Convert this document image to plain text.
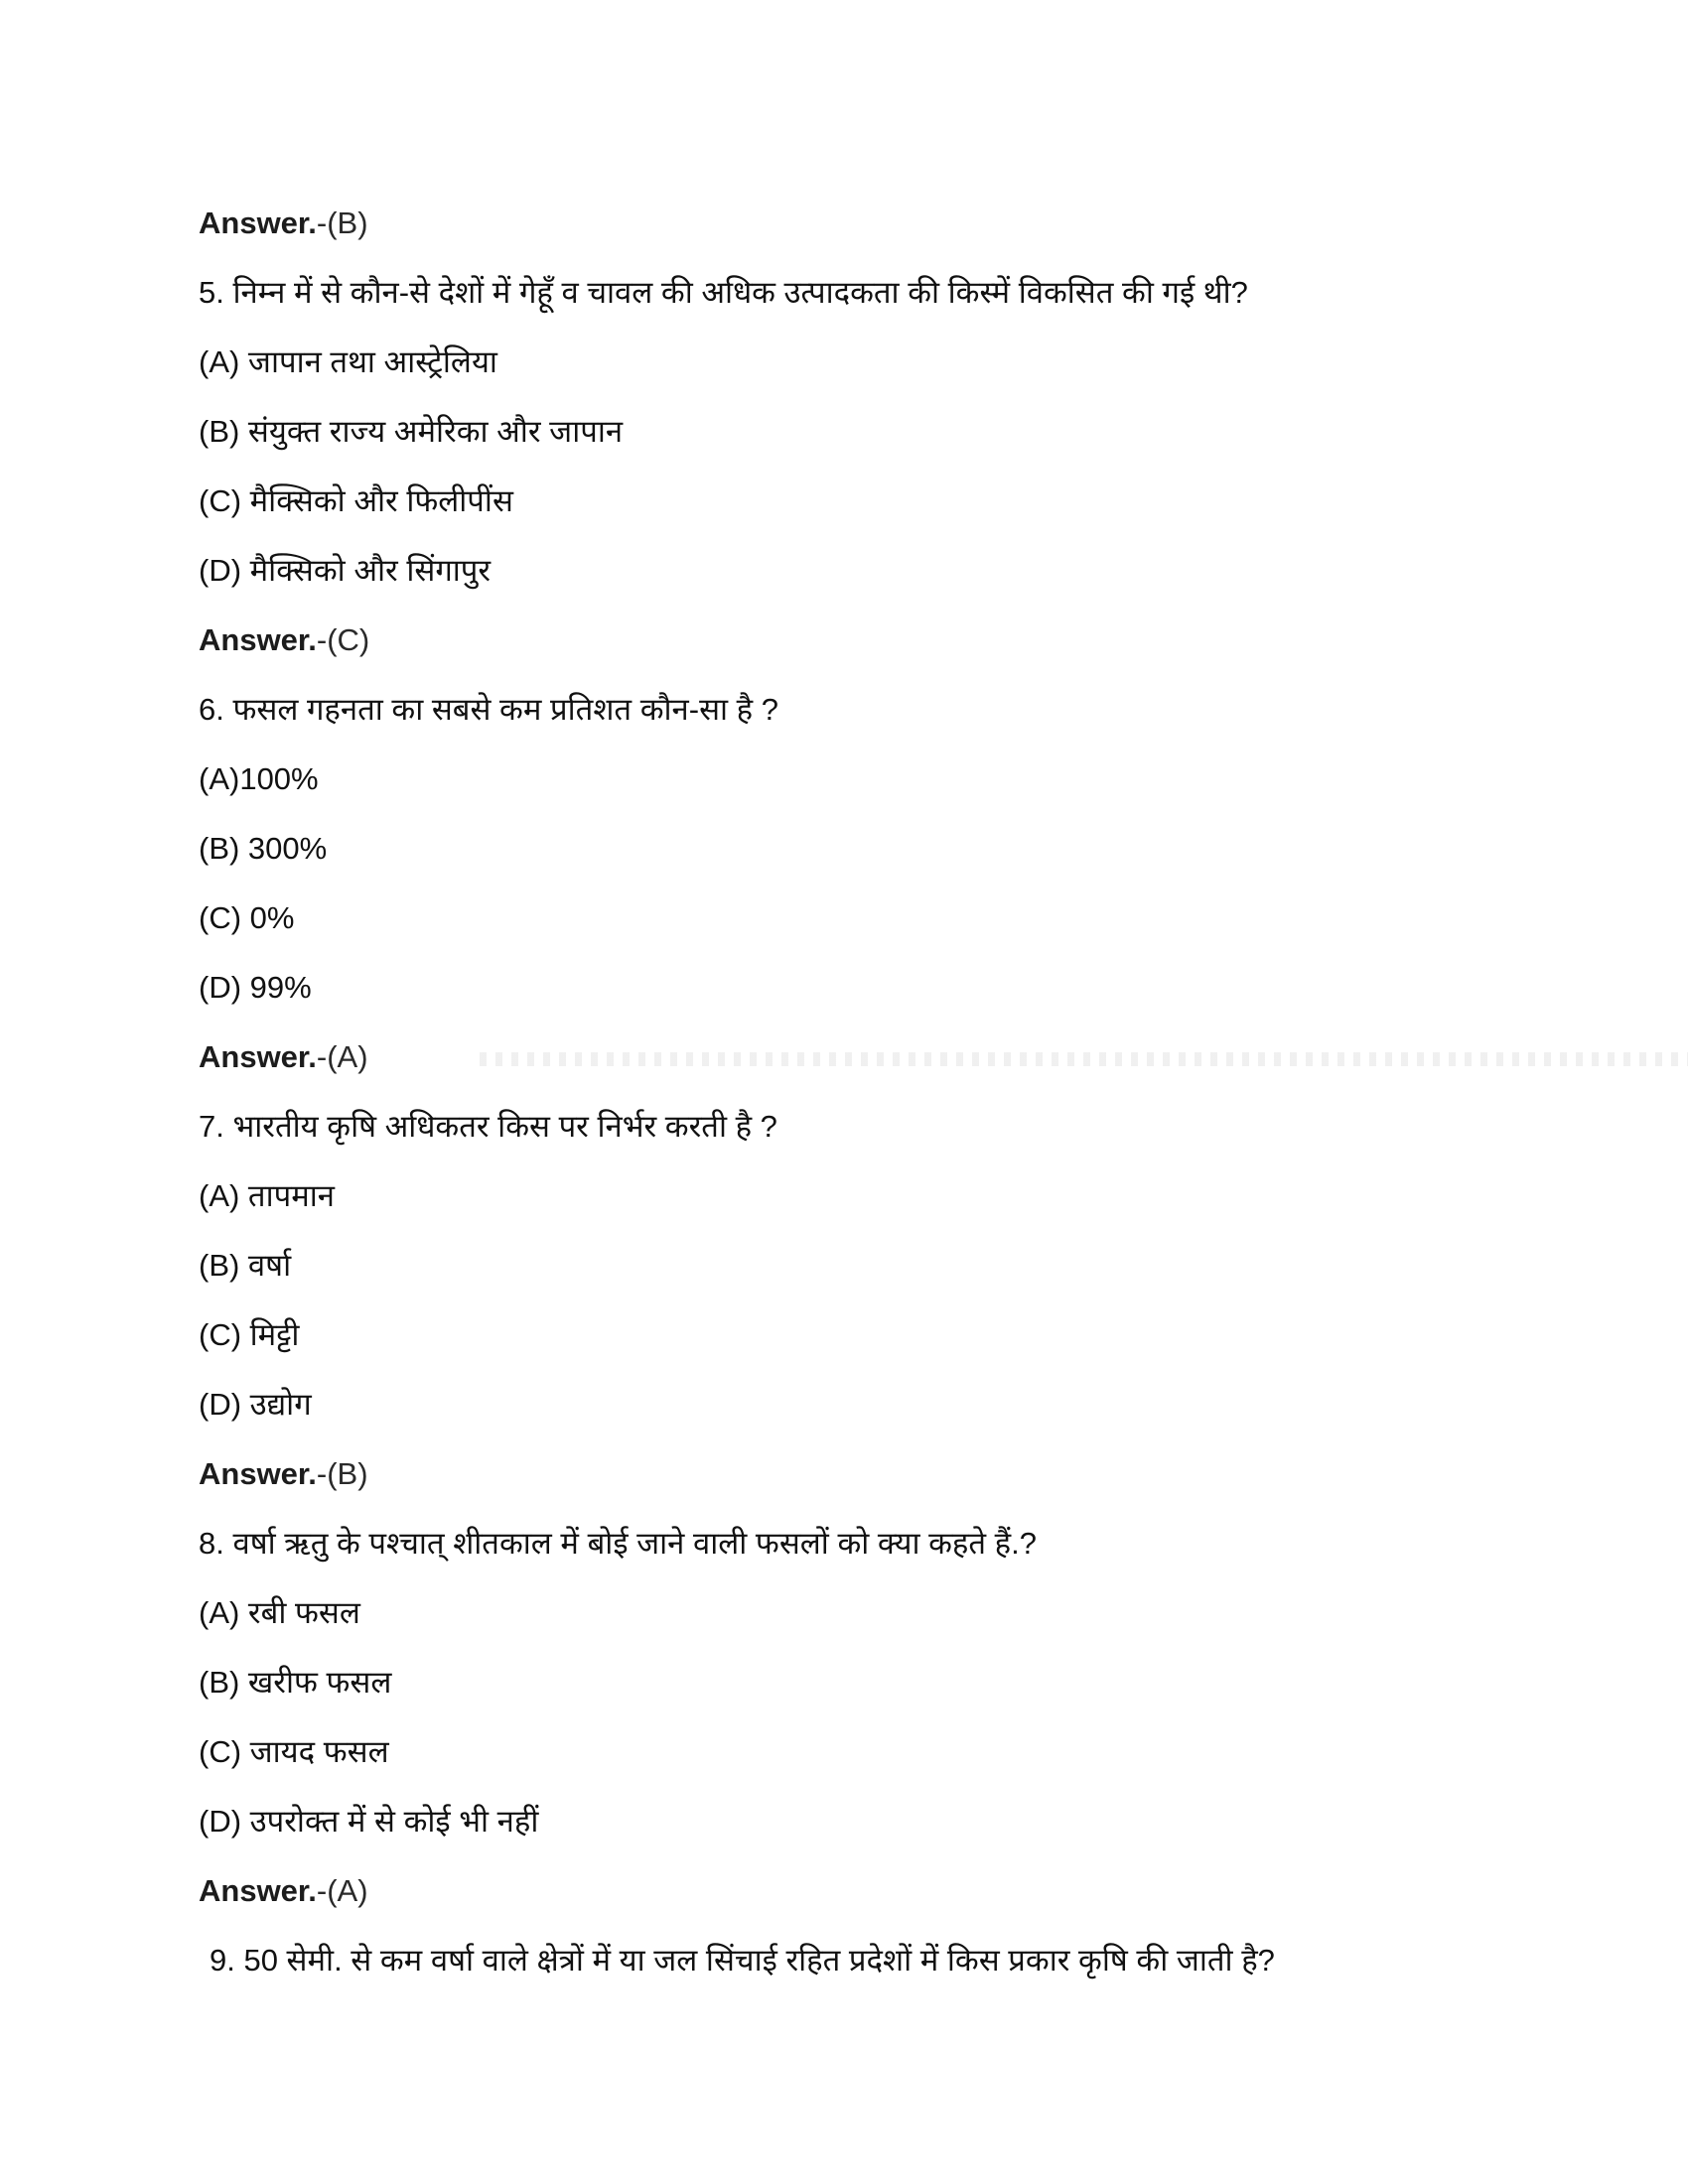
Answer.-(B)

5. निम्न में से कौन-से देशों में गेहूँ व चावल की अधिक उत्पादकता की किस्में विकसित की गई थी?

(A) जापान तथा आस्ट्रेलिया

(B) संयुक्त राज्य अमेरिका और जापान

(C) मैक्सिको और फिलीपींस

(D) मैक्सिको और सिंगापुर

Answer.-(C)

6. फसल गहनता का सबसे कम प्रतिशत कौन-सा है ?

(A)100%

(B) 300%

(C) 0%

(D) 99%

Answer.-(A)

7. भारतीय कृषि अधिकतर किस पर निर्भर करती है ?

(A) तापमान

(B) वर्षा

(C) मिट्टी

(D) उद्योग

Answer.-(B)

8. वर्षा ऋतु के पश्चात् शीतकाल में बोई जाने वाली फसलों को क्या कहते हैं.?

(A) रबी फसल

(B) खरीफ फसल

(C) जायद फसल

(D) उपरोक्त में से कोई भी नहीं

Answer.-(A)

9. 50 सेमी. से कम वर्षा वाले क्षेत्रों में या जल सिंचाई रहित प्रदेशों में किस प्रकार कृषि की जाती है?
